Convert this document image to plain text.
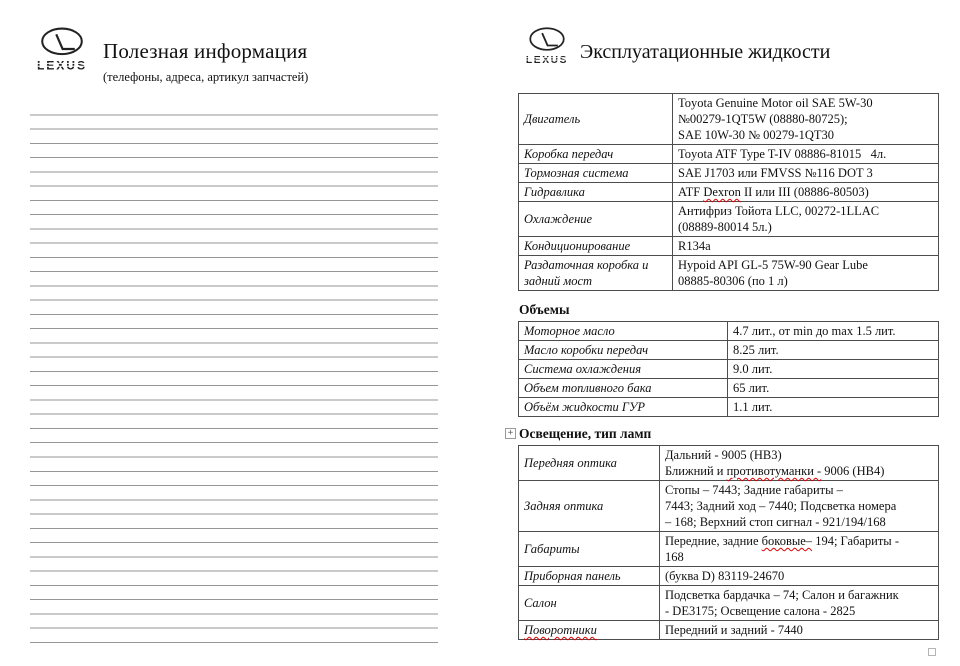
LEXUS
Полезная информация
(телефоны, адреса, артикул запчастей)
LEXUS Эксплуатационные жидкости
Двигатель	Toyota Genuine Motor oil SAE 5W-30
№00279-1QT5W (08880-80725);
SAE 10W-30 № 00279-1QT30
Коробка передач	Toyota ATF Type T-IV 08886-81015   4л.
Тормозная система	SAE J1703 или FMVSS №116 DOT 3
Гидравлика	ATF Dexron II или III (08886-80503)
Охлаждение	Антифриз Тойота LLC, 00272-1LLAC
(08889-80014 5л.)
Кондиционирование	R134a
Раздаточная коробка и задний мост	Hypoid API GL-5 75W-90 Gear Lube
08885-80306 (по 1 л)
Объемы
Моторное масло	4.7 лит., от min до max 1.5 лит.
Масло коробки передач	8.25 лит.
Система охлаждения	9.0 лит.
Объем топливного бака	65 лит.
Объём жидкости ГУР	1.1 лит.
+ Освещение, тип ламп
Передняя оптика	Дальний - 9005 (HB3)
Ближний и противотуманки - 9006 (HB4)
Задняя оптика	Стопы – 7443; Задние габариты –
7443; Задний ход – 7440; Подсветка номера
– 168; Верхний стоп сигнал - 921/194/168
Габариты	Передние, задние боковые– 194; Габариты -
168
Приборная панель	(буква D) 83119-24670
Салон	Подсветка бардачка – 74; Салон и багажник
- DE3175; Освещение салона - 2825
Поворотники	Передний и задний - 7440
